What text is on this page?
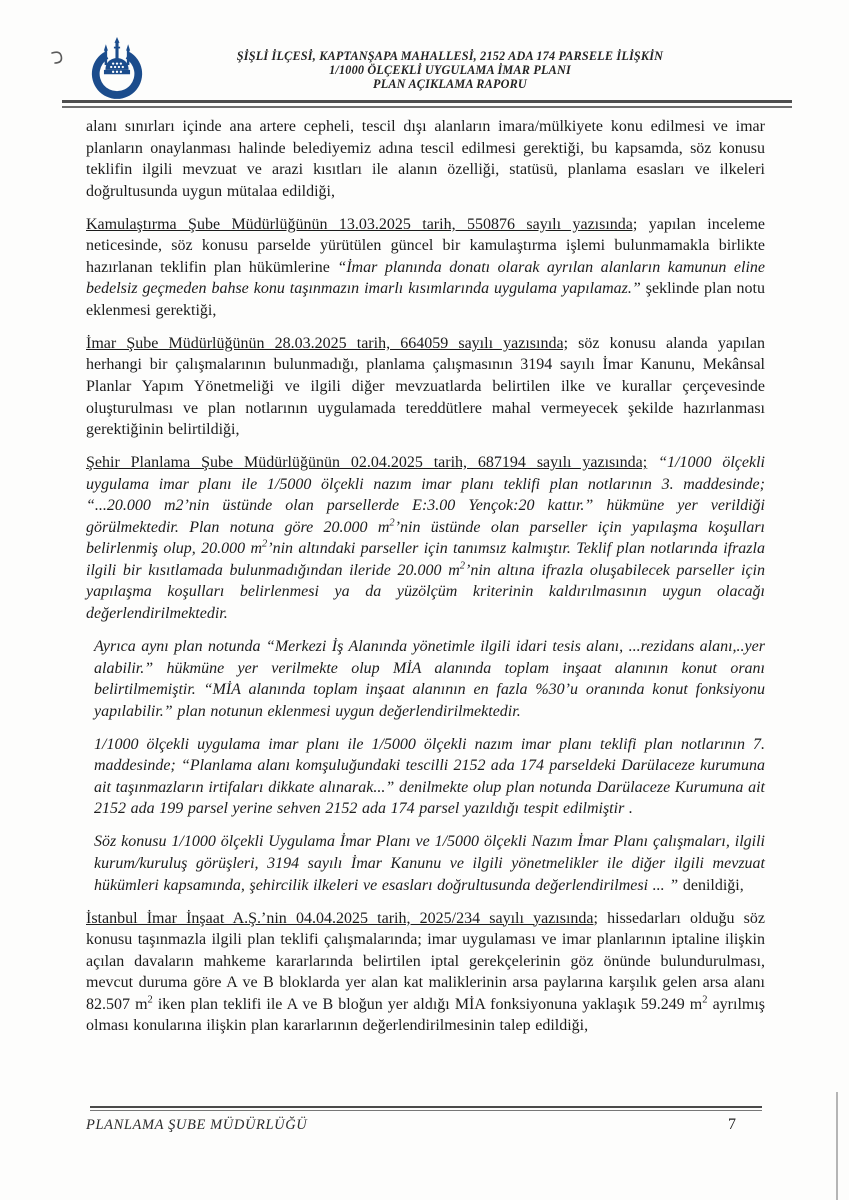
ŞİŞLİ İLÇESİ, KAPTANŞAPA MAHALLESİ, 2152 ADA 174 PARSELE İLİŞKİN
1/1000 ÖLÇEKLİ UYGULAMA İMAR PLANI
PLAN AÇIKLAMA RAPORU

alanı sınırları içinde ana artere cepheli, tescil dışı alanların imara/mülkiyete konu edilmesi ve imar planların onaylanması halinde belediyemiz adına tescil edilmesi gerektiği, bu kapsamda, söz konusu teklifin ilgili mevzuat ve arazi kısıtları ile alanın özelliği, statüsü, planlama esasları ve ilkeleri doğrultusunda uygun mütalaa edildiği,

Kamulaştırma Şube Müdürlüğünün 13.03.2025 tarih, 550876 sayılı yazısında; yapılan inceleme neticesinde, söz konusu parselde yürütülen güncel bir kamulaştırma işlemi bulunmamakla birlikte hazırlanan teklifin plan hükümlerine “İmar planında donatı olarak ayrılan alanların kamunun eline bedelsiz geçmeden bahse konu taşınmazın imarlı kısımlarında uygulama yapılamaz.” şeklinde plan notu eklenmesi gerektiği,

İmar Şube Müdürlüğünün 28.03.2025 tarih, 664059 sayılı yazısında; söz konusu alanda yapılan herhangi bir çalışmalarının bulunmadığı, planlama çalışmasının 3194 sayılı İmar Kanunu, Mekânsal Planlar Yapım Yönetmeliği ve ilgili diğer mevzuatlarda belirtilen ilke ve kurallar çerçevesinde oluşturulması ve plan notlarının uygulamada tereddütlere mahal vermeyecek şekilde hazırlanması gerektiğinin belirtildiği,

Şehir Planlama Şube Müdürlüğünün 02.04.2025 tarih, 687194 sayılı yazısında; “1/1000 ölçekli uygulama imar planı ile 1/5000 ölçekli nazım imar planı teklifi plan notlarının 3. maddesinde; “...20.000 m2’nin üstünde olan parsellerde E:3.00 Yençok:20 kattır.” hükmüne yer verildiği görülmektedir. Plan notuna göre 20.000 $m^2’nin$ üstünde olan parseller için yapılaşma koşulları belirlenmiş olup, 20.000 $m^2’nin$ altındaki parseller için tanımsız kalmıştır. Teklif plan notlarında ifrazla ilgili bir kısıtlamada bulunmadığından ileride 20.000 $m^2’nin$ altına ifrazla oluşabilecek parseller için yapılaşma koşulları belirlenmesi ya da yüzölçüm kriterinin kaldırılmasının uygun olacağı değerlendirilmektedir.

Ayrıca aynı plan notunda “Merkezi İş Alanında yönetimle ilgili idari tesis alanı, ...rezidans alanı,..yer alabilir.” hükmüne yer verilmekte olup MİA alanında toplam inşaat alanının konut oranı belirtilmemiştir. “MİA alanında toplam inşaat alanının en fazla %30’u oranında konut fonksiyonu yapılabilir.” plan notunun eklenmesi uygun değerlendirilmektedir.

1/1000 ölçekli uygulama imar planı ile 1/5000 ölçekli nazım imar planı teklifi plan notlarının 7. maddesinde; “Planlama alanı komşuluğundaki tescilli 2152 ada 174 parseldeki Darülaceze kurumuna ait taşınmazların irtifaları dikkate alınarak...” denilmekte olup plan notunda Darülaceze Kurumuna ait 2152 ada 199 parsel yerine sehven 2152 ada 174 parsel yazıldığı tespit edilmiştir .

Söz konusu 1/1000 ölçekli Uygulama İmar Planı ve 1/5000 ölçekli Nazım İmar Planı çalışmaları, ilgili kurum/kuruluş görüşleri, 3194 sayılı İmar Kanunu ve ilgili yönetmelikler ile diğer ilgili mevzuat hükümleri kapsamında, şehircilik ilkeleri ve esasları doğrultusunda değerlendirilmesi ... ” denildiği,

İstanbul İmar İnşaat A.Ş.’nin 04.04.2025 tarih, 2025/234 sayılı yazısında; hissedarları olduğu söz konusu taşınmazla ilgili plan teklifi çalışmalarında; imar uygulaması ve imar planlarının iptaline ilişkin açılan davaların mahkeme kararlarında belirtilen iptal gerekçelerinin göz önünde bulundurulması, mevcut duruma göre A ve B bloklarda yer alan kat maliklerinin arsa paylarına karşılık gelen arsa alanı 82.507 $m^2$ iken plan teklifi ile A ve B bloğun yer aldığı MİA fonksiyonuna yaklaşık 59.249 $m^2$ ayrılmış olması konularına ilişkin plan kararlarının değerlendirilmesinin talep edildiği,

PLANLAMA ŞUBE MÜDÜRLÜĞÜ	7
